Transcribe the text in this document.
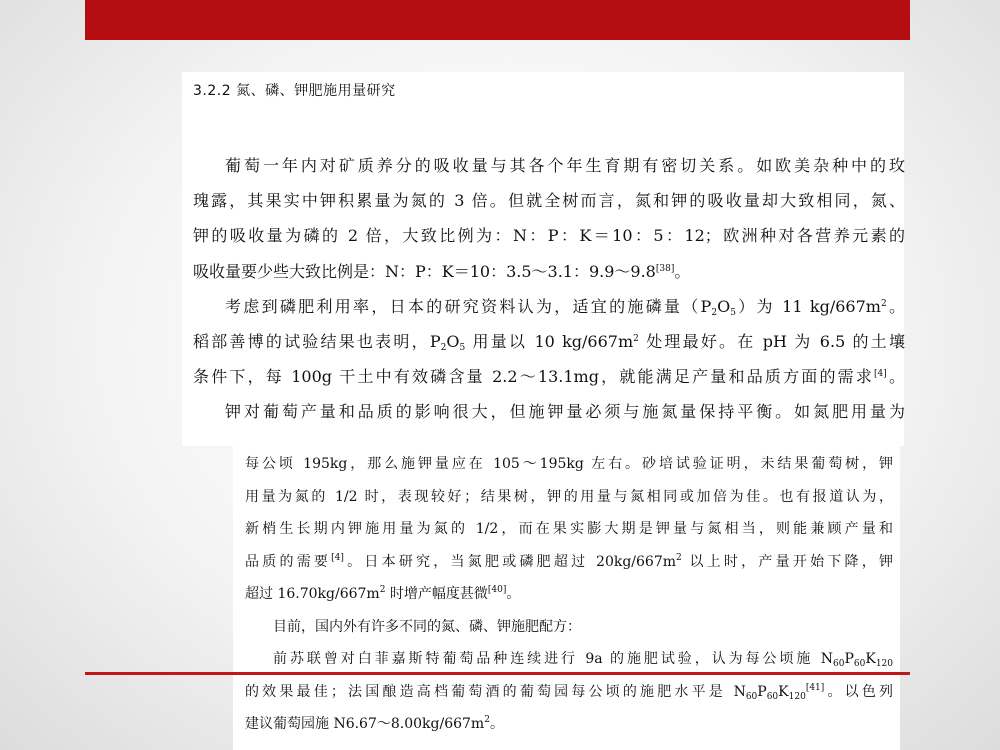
3.2.2 氮、磷、钾肥施用量研究
葡萄一年内对矿质养分的吸收量与其各个年生育期有密切关系。如欧美杂种中的玫
瑰露，其果实中钾积累量为氮的 3 倍。但就全树而言，氮和钾的吸收量却大致相同，氮、
钾的吸收量为磷的 2 倍，大致比例为：N：P：K＝10：5：12；欧洲种对各营养元素的
吸收量要少些大致比例是：N：P：K＝10：3.5～3.1：9.9～9.8[38]。
考虑到磷肥利用率，日本的研究资料认为，适宜的施磷量$(P_2O_5)$为 11 $kg/667m^2$。
稻部善博的试验结果也表明，$P_2O_5$ 用量以 10 $kg/667m^2$ 处理最好。在 pH 为 6.5 的土壤
条件下，每 100g 干土中有效磷含量 2.2～13.1mg，就能满足产量和品质方面的需求[4]。
钾对葡萄产量和品质的影响很大，但施钾量必须与施氮量保持平衡。如氮肥用量为
每公顷 195kg，那么施钾量应在 105～195kg 左右。砂培试验证明，未结果葡萄树，钾
用量为氮的 1/2 时，表现较好；结果树，钾的用量与氮相同或加倍为佳。也有报道认为，
新梢生长期内钾施用量为氮的 1/2，而在果实膨大期是钾量与氮相当，则能兼顾产量和
品质的需要[4]。日本研究，当氮肥或磷肥超过 $20kg/667m^2$ 以上时，产量开始下降，钾
超过 $16.70kg/667m^2$ 时增产幅度甚微[40]。
目前，国内外有许多不同的氮、磷、钾施肥配方：
前苏联曾对白菲嘉斯特葡萄品种连续进行 9a 的施肥试验，认为每公顷施 $N_{60}P_{60}K_{120}$
的效果最佳；法国酿造高档葡萄酒的葡萄园每公顷的施肥水平是 $N_{60}P_{60}K_{120}[41]$。以色列
建议葡萄园施 $N6.67\sim 8.00kg/667m^2$。
